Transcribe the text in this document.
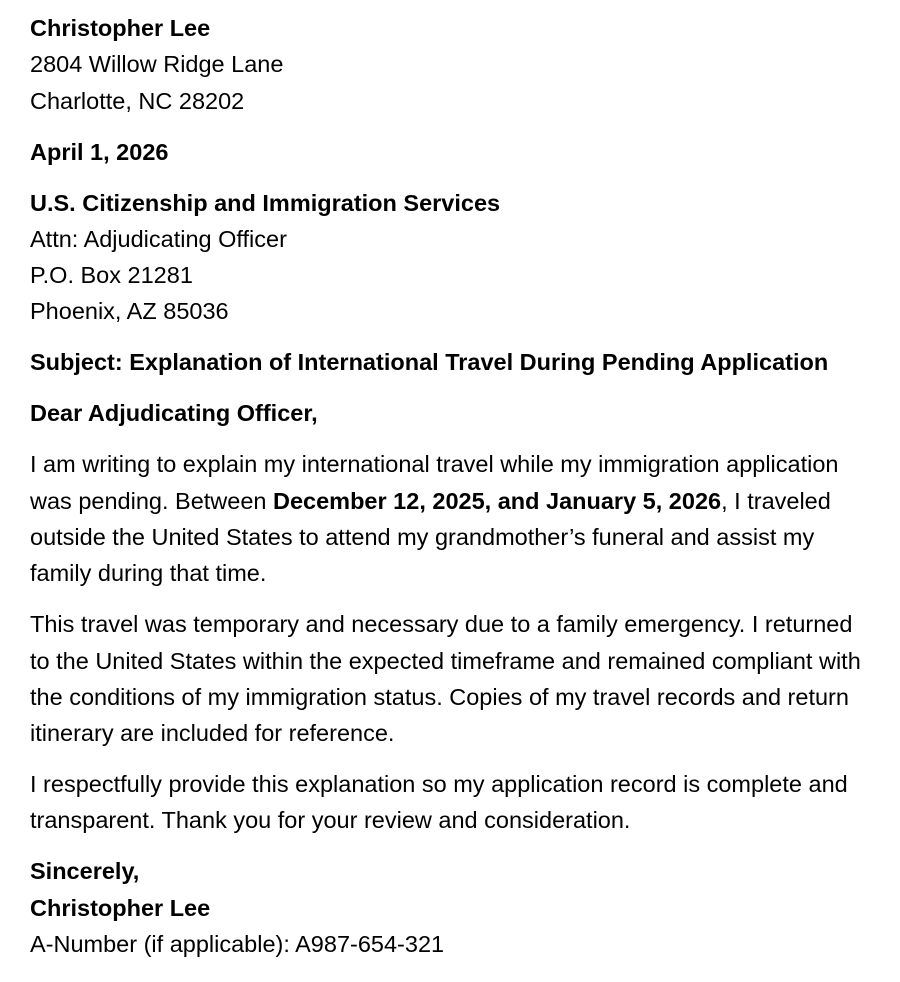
Christopher Lee
2804 Willow Ridge Lane
Charlotte, NC 28202

April 1, 2026

U.S. Citizenship and Immigration Services
Attn: Adjudicating Officer
P.O. Box 21281
Phoenix, AZ 85036

Subject: Explanation of International Travel During Pending Application

Dear Adjudicating Officer,

I am writing to explain my international travel while my immigration application was pending. Between December 12, 2025, and January 5, 2026, I traveled outside the United States to attend my grandmother’s funeral and assist my family during that time.

This travel was temporary and necessary due to a family emergency. I returned to the United States within the expected timeframe and remained compliant with the conditions of my immigration status. Copies of my travel records and return itinerary are included for reference.

I respectfully provide this explanation so my application record is complete and transparent. Thank you for your review and consideration.

Sincerely,
Christopher Lee
A-Number (if applicable): A987-654-321
